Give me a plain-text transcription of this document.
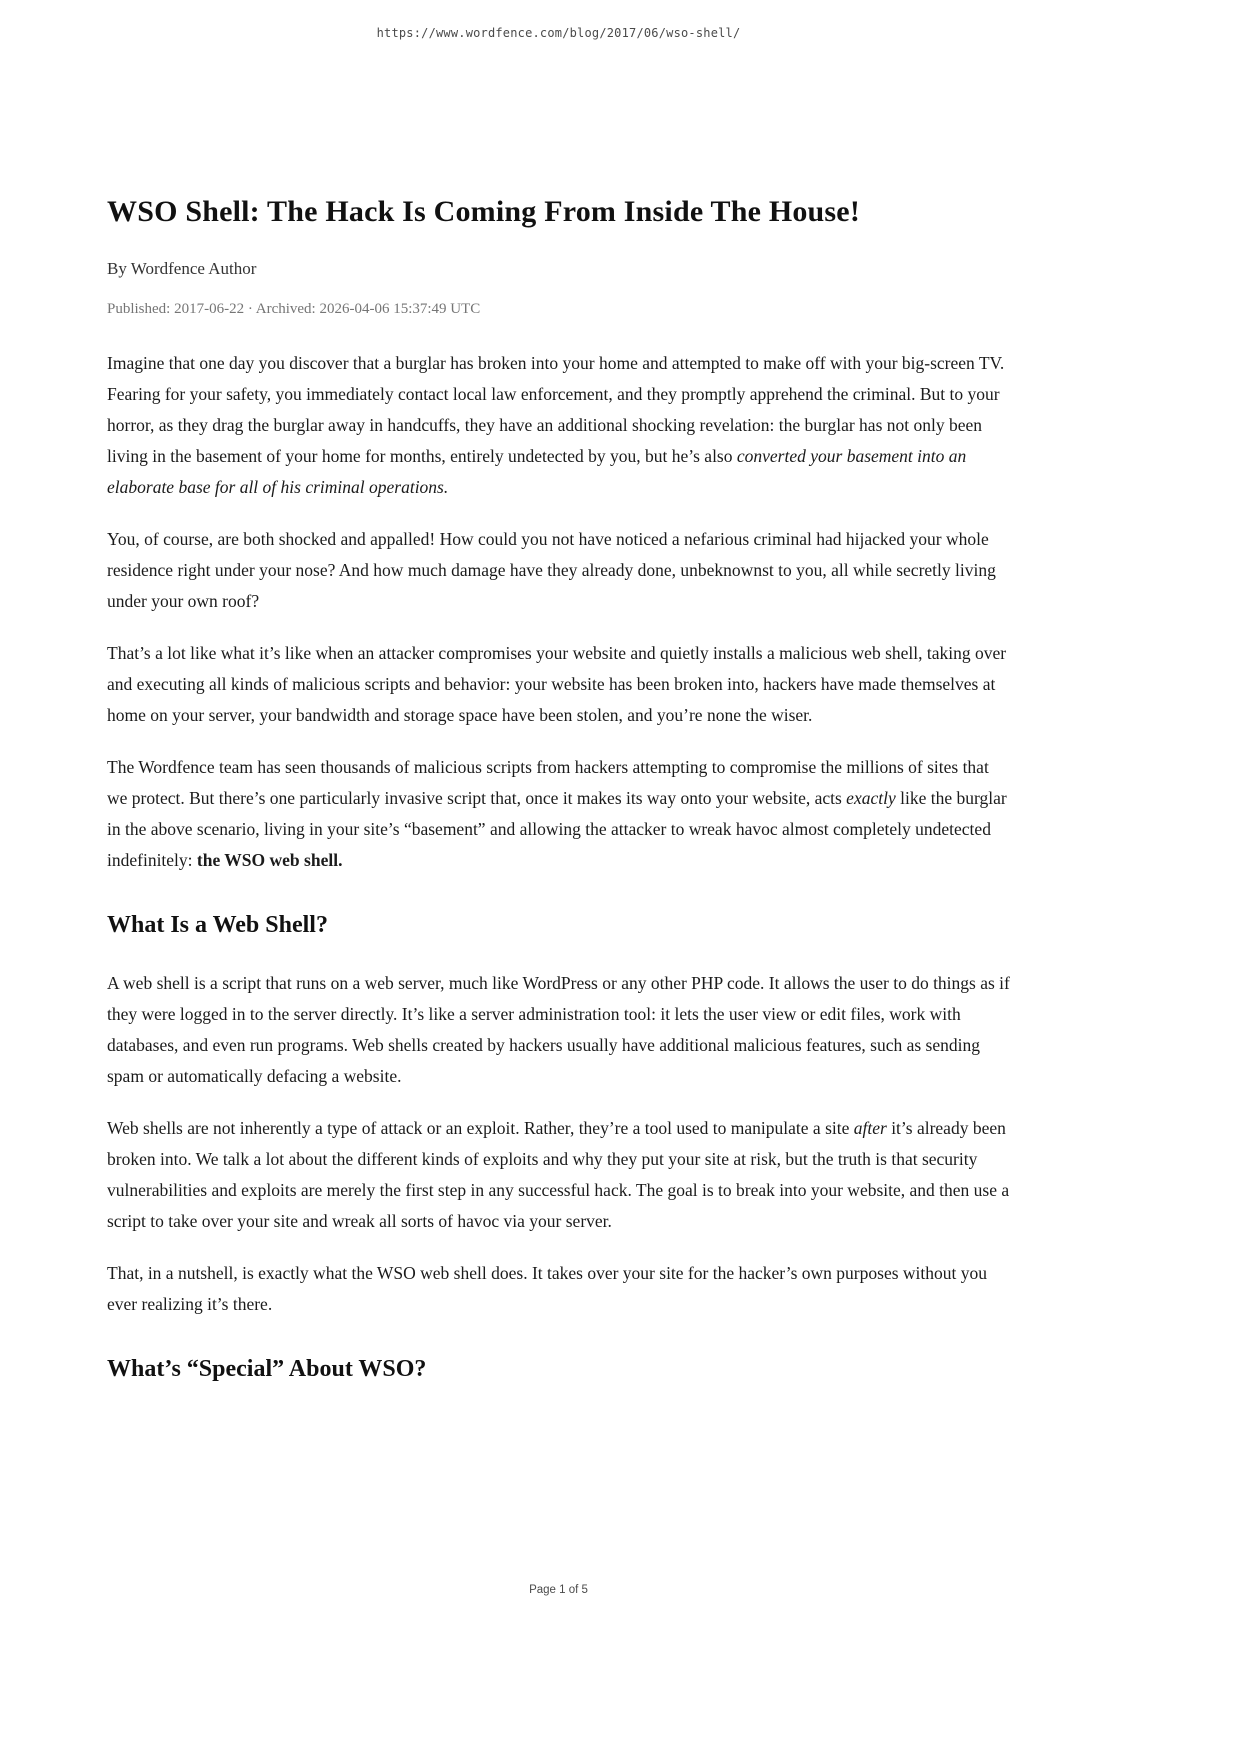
https://www.wordfence.com/blog/2017/06/wso-shell/
WSO Shell: The Hack Is Coming From Inside The House!

By Wordfence Author

Published: 2017-06-22 · Archived: 2026-04-06 15:37:49 UTC

Imagine that one day you discover that a burglar has broken into your home and attempted to make off with your big-screen TV. Fearing for your safety, you immediately contact local law enforcement, and they promptly apprehend the criminal. But to your horror, as they drag the burglar away in handcuffs, they have an additional shocking revelation: the burglar has not only been living in the basement of your home for months, entirely undetected by you, but he’s also converted your basement into an elaborate base for all of his criminal operations.

You, of course, are both shocked and appalled! How could you not have noticed a nefarious criminal had hijacked your whole residence right under your nose? And how much damage have they already done, unbeknownst to you, all while secretly living under your own roof?

That’s a lot like what it’s like when an attacker compromises your website and quietly installs a malicious web shell, taking over and executing all kinds of malicious scripts and behavior: your website has been broken into, hackers have made themselves at home on your server, your bandwidth and storage space have been stolen, and you’re none the wiser.

The Wordfence team has seen thousands of malicious scripts from hackers attempting to compromise the millions of sites that we protect. But there’s one particularly invasive script that, once it makes its way onto your website, acts exactly like the burglar in the above scenario, living in your site’s “basement” and allowing the attacker to wreak havoc almost completely undetected indefinitely: the WSO web shell.

What Is a Web Shell?

A web shell is a script that runs on a web server, much like WordPress or any other PHP code. It allows the user to do things as if they were logged in to the server directly. It’s like a server administration tool: it lets the user view or edit files, work with databases, and even run programs. Web shells created by hackers usually have additional malicious features, such as sending spam or automatically defacing a website.

Web shells are not inherently a type of attack or an exploit. Rather, they’re a tool used to manipulate a site after it’s already been broken into. We talk a lot about the different kinds of exploits and why they put your site at risk, but the truth is that security vulnerabilities and exploits are merely the first step in any successful hack. The goal is to break into your website, and then use a script to take over your site and wreak all sorts of havoc via your server.

That, in a nutshell, is exactly what the WSO web shell does. It takes over your site for the hacker’s own purposes without you ever realizing it’s there.

What’s “Special” About WSO?
Page 1 of 5
